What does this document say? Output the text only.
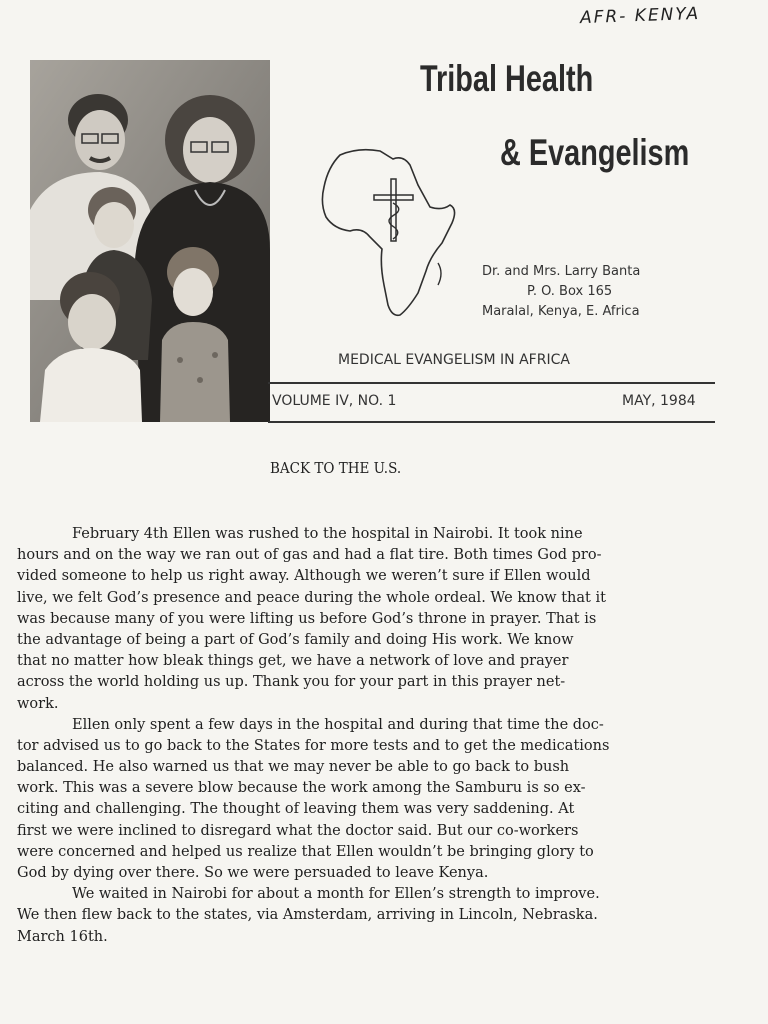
AFR- KENYA
Tribal Health
& Evangelism
Dr. and Mrs. Larry Banta
P. O. Box 165
Maralal, Kenya, E. Africa
MEDICAL EVANGELISM IN AFRICA
VOLUME IV, NO. 1	MAY, 1984
BACK TO THE U.S.
February 4th Ellen was rushed to the hospital in Nairobi. It took nine
hours and on the way we ran out of gas and had a flat tire. Both times God pro-
vided someone to help us right away. Although we weren’t sure if Ellen would
live, we felt God’s presence and peace during the whole ordeal. We know that it
was because many of you were lifting us before God’s throne in prayer. That is
the advantage of being a part of God’s family and doing His work. We know
that no matter how bleak things get, we have a network of love and prayer
across the world holding us up. Thank you for your part in this prayer net-
work.
Ellen only spent a few days in the hospital and during that time the doc-
tor advised us to go back to the States for more tests and to get the medications
balanced. He also warned us that we may never be able to go back to bush
work. This was a severe blow because the work among the Samburu is so ex-
citing and challenging. The thought of leaving them was very saddening. At
first we were inclined to disregard what the doctor said. But our co-workers
were concerned and helped us realize that Ellen wouldn’t be bringing glory to
God by dying over there. So we were persuaded to leave Kenya.
We waited in Nairobi for about a month for Ellen’s strength to improve.
We then flew back to the states, via Amsterdam, arriving in Lincoln, Nebraska.
March 16th.
